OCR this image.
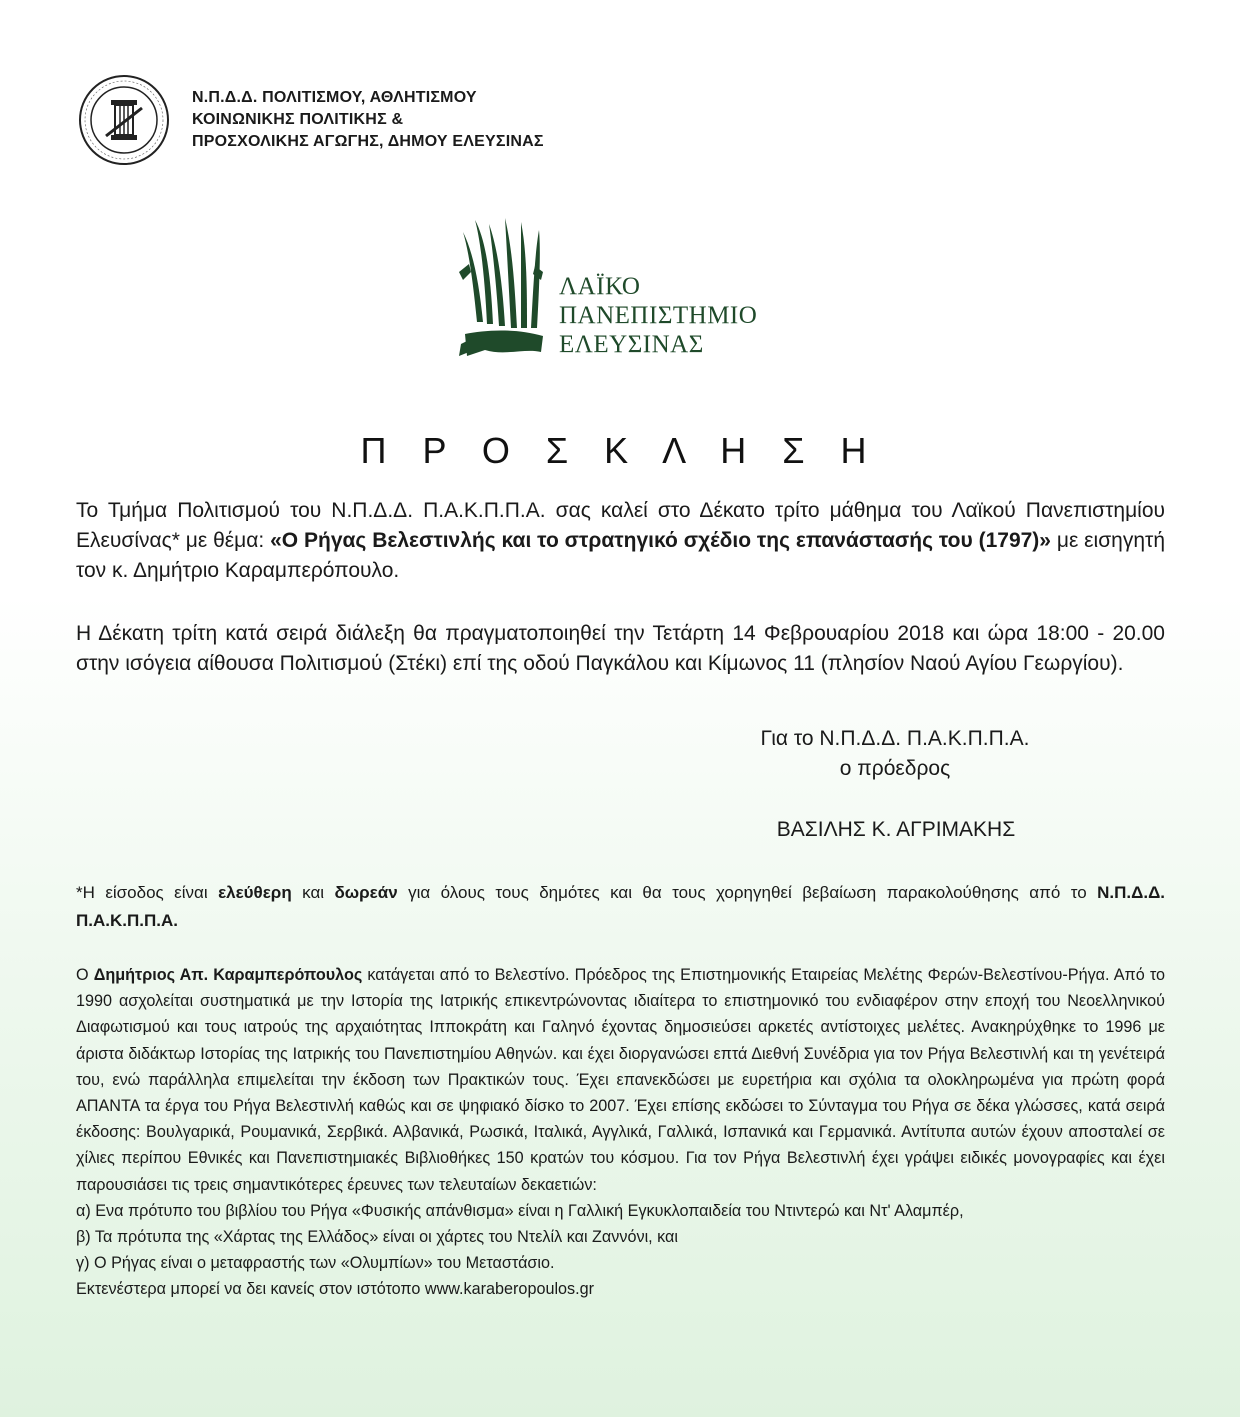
Ν.Π.Δ.Δ. ΠΟΛΙΤΙΣΜΟΥ, ΑΘΛΗΤΙΣΜΟΥ
ΚΟΙΝΩΝΙΚΗΣ ΠΟΛΙΤΙΚΗΣ &
ΠΡΟΣΧΟΛΙΚΗΣ ΑΓΩΓΗΣ, ΔΗΜΟΥ ΕΛΕΥΣΙΝΑΣ
ΛΑΪΚΟ
ΠΑΝΕΠΙΣΤΗΜΙΟ
ΕΛΕΥΣΙΝΑΣ
Π Ρ Ο Σ Κ Λ Η Σ Η
Το Τμήμα Πολιτισμού του Ν.Π.Δ.Δ. Π.Α.Κ.Π.Π.Α. σας καλεί στο Δέκατο τρίτο μάθημα του Λαϊκού Πανεπιστημίου Ελευσίνας* με θέμα: «Ο Ρήγας Βελεστινλής και το στρατηγικό σχέδιο της επανάστασής του (1797)» με εισηγητή τον κ. Δημήτριο Καραμπερόπουλο.
Η Δέκατη τρίτη κατά σειρά διάλεξη θα πραγματοποιηθεί την Τετάρτη 14 Φεβρουαρίου 2018 και ώρα 18:00 - 20.00 στην ισόγεια αίθουσα Πολιτισμού (Στέκι) επί της οδού Παγκάλου και Κίμωνος 11 (πλησίον Ναού Αγίου Γεωργίου).
Για το Ν.Π.Δ.Δ. Π.Α.Κ.Π.Π.Α.
ο πρόεδρος
ΒΑΣΙΛΗΣ Κ. ΑΓΡΙΜΑΚΗΣ
*Η είσοδος είναι ελεύθερη και δωρεάν για όλους τους δημότες και θα τους χορηγηθεί βεβαίωση παρακολούθησης από το Ν.Π.Δ.Δ. Π.Α.Κ.Π.Π.Α.
Ο Δημήτριος Απ. Καραμπερόπουλος κατάγεται από το Βελεστίνο. Πρόεδρος της Επιστημονικής Εταιρείας Μελέτης Φερών-Βελεστίνου-Ρήγα. Από το 1990 ασχολείται συστηματικά με την Ιστορία της Ιατρικής επικεντρώνοντας ιδιαίτερα το επιστημονικό του ενδιαφέρον στην εποχή του Νεοελληνικού Διαφωτισμού και τους ιατρούς της αρχαιότητας Ιπποκράτη και Γαληνό έχοντας δημοσιεύσει αρκετές αντίστοιχες μελέτες. Ανακηρύχθηκε το 1996 με άριστα διδάκτωρ Ιστορίας της Ιατρικής του Πανεπιστημίου Αθηνών. και έχει διοργανώσει επτά Διεθνή Συνέδρια για τον Ρήγα Βελεστινλή και τη γενέτειρά του, ενώ παράλληλα επιμελείται την έκδοση των Πρακτικών τους. Έχει επανεκδώσει με ευρετήρια και σχόλια τα ολοκληρωμένα για πρώτη φορά ΑΠΑΝΤΑ τα έργα του Ρήγα Βελεστινλή καθώς και σε ψηφιακό δίσκο το 2007. Έχει επίσης εκδώσει το Σύνταγμα του Ρήγα σε δέκα γλώσσες, κατά σειρά έκδοσης: Βουλγαρικά, Ρουμανικά, Σερβικά. Αλβανικά, Ρωσικά, Ιταλικά, Αγγλικά, Γαλλικά, Ισπανικά και Γερμανικά. Αντίτυπα αυτών έχουν αποσταλεί σε χίλιες περίπου Εθνικές και Πανεπιστημιακές Βιβλιοθήκες 150 κρατών του κόσμου. Για τον Ρήγα Βελεστινλή έχει γράψει ειδικές μονογραφίες και έχει παρουσιάσει τις τρεις σημαντικότερες έρευνες των τελευταίων δεκαετιών:
α) Ενα πρότυπο του βιβλίου του Ρήγα «Φυσικής απάνθισμα» είναι η Γαλλική Εγκυκλοπαιδεία του Ντιντερώ και Ντ' Αλαμπέρ,
β) Τα πρότυπα της «Χάρτας της Ελλάδος» είναι οι χάρτες του Ντελίλ και Ζαννόνι, και
γ) Ο Ρήγας είναι ο μεταφραστής των «Ολυμπίων» του Μεταστάσιο.
Εκτενέστερα μπορεί να δει κανείς στον ιστότοπο www.karaberopoulos.gr
